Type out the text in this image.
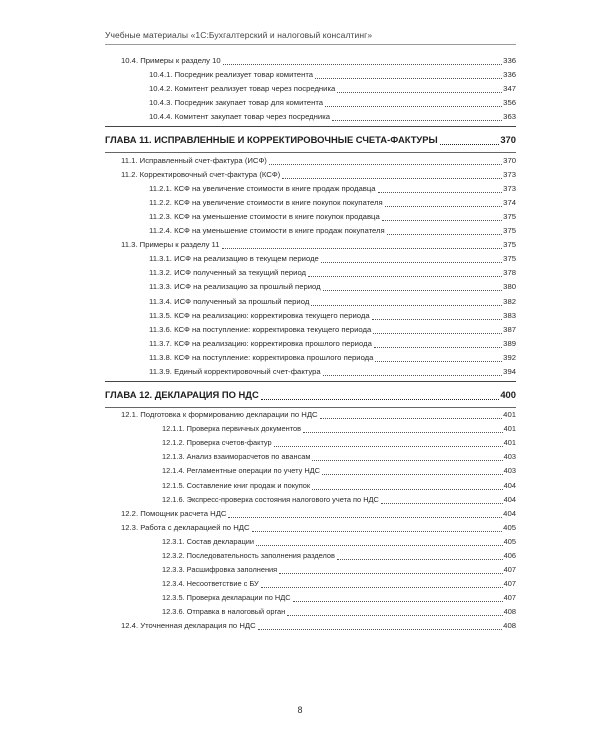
Учебные материалы «1С:Бухгалтерский и налоговый консалтинг»
10.4. Примеры к разделу 10	336
10.4.1. Посредник реализует товар комитента	336
10.4.2. Комитент реализует товар через посредника	347
10.4.3. Посредник закупает товар для комитента	356
10.4.4. Комитент закупает товар через посредника	363
ГЛАВА 11. ИСПРАВЛЕННЫЕ И КОРРЕКТИРОВОЧНЫЕ СЧЕТА-ФАКТУРЫ	370
11.1. Исправленный счет-фактура (ИСФ)	370
11.2. Корректировочный счет-фактура (КСФ)	373
11.2.1. КСФ на увеличение стоимости в книге продаж продавца	373
11.2.2. КСФ на увеличение стоимости в книге покупок покупателя	374
11.2.3. КСФ на уменьшение стоимости в книге покупок продавца	375
11.2.4. КСФ на уменьшение стоимости в книге продаж покупателя	375
11.3. Примеры к разделу 11	375
11.3.1. ИСФ на реализацию в текущем периоде	375
11.3.2. ИСФ полученный за текущий период	378
11.3.3. ИСФ на реализацию за прошлый период	380
11.3.4. ИСФ полученный за прошлый период	382
11.3.5. КСФ на реализацию: корректировка текущего периода	383
11.3.6. КСФ на поступление: корректировка текущего периода	387
11.3.7. КСФ на реализацию: корректировка прошлого периода	389
11.3.8. КСФ на поступление: корректировка прошлого периода	392
11.3.9. Единый корректировочный счет-фактура	394
ГЛАВА 12. ДЕКЛАРАЦИЯ ПО НДС	400
12.1. Подготовка к формированию декларации по НДС	401
12.1.1. Проверка первичных документов	401
12.1.2. Проверка счетов-фактур	401
12.1.3. Анализ взаиморасчетов по авансам	403
12.1.4. Регламентные операции по учету НДС	403
12.1.5. Составление книг продаж и покупок	404
12.1.6. Экспресс-проверка состояния налогового учета по НДС	404
12.2. Помощник расчета НДС	404
12.3. Работа с декларацией по НДС	405
12.3.1. Состав декларации	405
12.3.2. Последовательность заполнения разделов	406
12.3.3. Расшифровка заполнения	407
12.3.4. Несоответствие с БУ	407
12.3.5. Проверка декларации по НДС	407
12.3.6. Отправка в налоговый орган	408
12.4. Уточненная декларация по НДС	408
8
